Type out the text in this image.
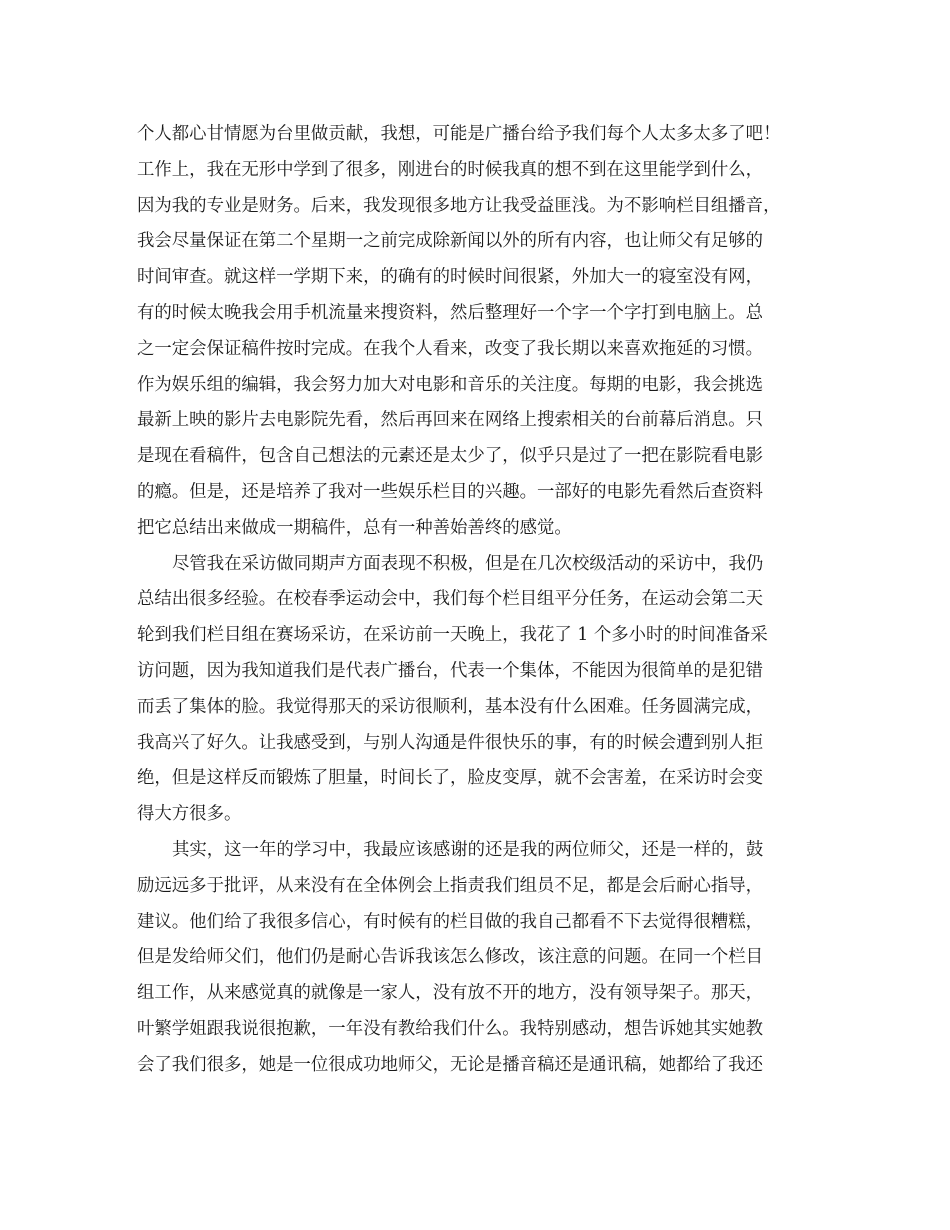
个人都心甘情愿为台里做贡献，我想，可能是广播台给予我们每个人太多太多了吧！
工作上，我在无形中学到了很多，刚进台的时候我真的想不到在这里能学到什么，
因为我的专业是财务。后来，我发现很多地方让我受益匪浅。为不影响栏目组播音，
我会尽量保证在第二个星期一之前完成除新闻以外的所有内容，也让师父有足够的
时间审查。就这样一学期下来，的确有的时候时间很紧，外加大一的寝室没有网，
有的时候太晚我会用手机流量来搜资料，然后整理好一个字一个字打到电脑上。总
之一定会保证稿件按时完成。在我个人看来，改变了我长期以来喜欢拖延的习惯。
作为娱乐组的编辑，我会努力加大对电影和音乐的关注度。每期的电影，我会挑选
最新上映的影片去电影院先看，然后再回来在网络上搜索相关的台前幕后消息。只
是现在看稿件，包含自己想法的元素还是太少了，似乎只是过了一把在影院看电影
的瘾。但是，还是培养了我对一些娱乐栏目的兴趣。一部好的电影先看然后查资料
把它总结出来做成一期稿件，总有一种善始善终的感觉。
尽管我在采访做同期声方面表现不积极，但是在几次校级活动的采访中，我仍
总结出很多经验。在校春季运动会中，我们每个栏目组平分任务，在运动会第二天
轮到我们栏目组在赛场采访，在采访前一天晚上，我花了 1 个多小时的时间准备采
访问题，因为我知道我们是代表广播台，代表一个集体，不能因为很简单的是犯错
而丢了集体的脸。我觉得那天的采访很顺利，基本没有什么困难。任务圆满完成，
我高兴了好久。让我感受到，与别人沟通是件很快乐的事，有的时候会遭到别人拒
绝，但是这样反而锻炼了胆量，时间长了，脸皮变厚，就不会害羞，在采访时会变
得大方很多。
其实，这一年的学习中，我最应该感谢的还是我的两位师父，还是一样的，鼓
励远远多于批评，从来没有在全体例会上指责我们组员不足，都是会后耐心指导，
建议。他们给了我很多信心，有时候有的栏目做的我自己都看不下去觉得很糟糕，
但是发给师父们，他们仍是耐心告诉我该怎么修改，该注意的问题。在同一个栏目
组工作，从来感觉真的就像是一家人，没有放不开的地方，没有领导架子。那天，
叶繁学姐跟我说很抱歉，一年没有教给我们什么。我特别感动，想告诉她其实她教
会了我们很多，她是一位很成功地师父，无论是播音稿还是通讯稿，她都给了我还
